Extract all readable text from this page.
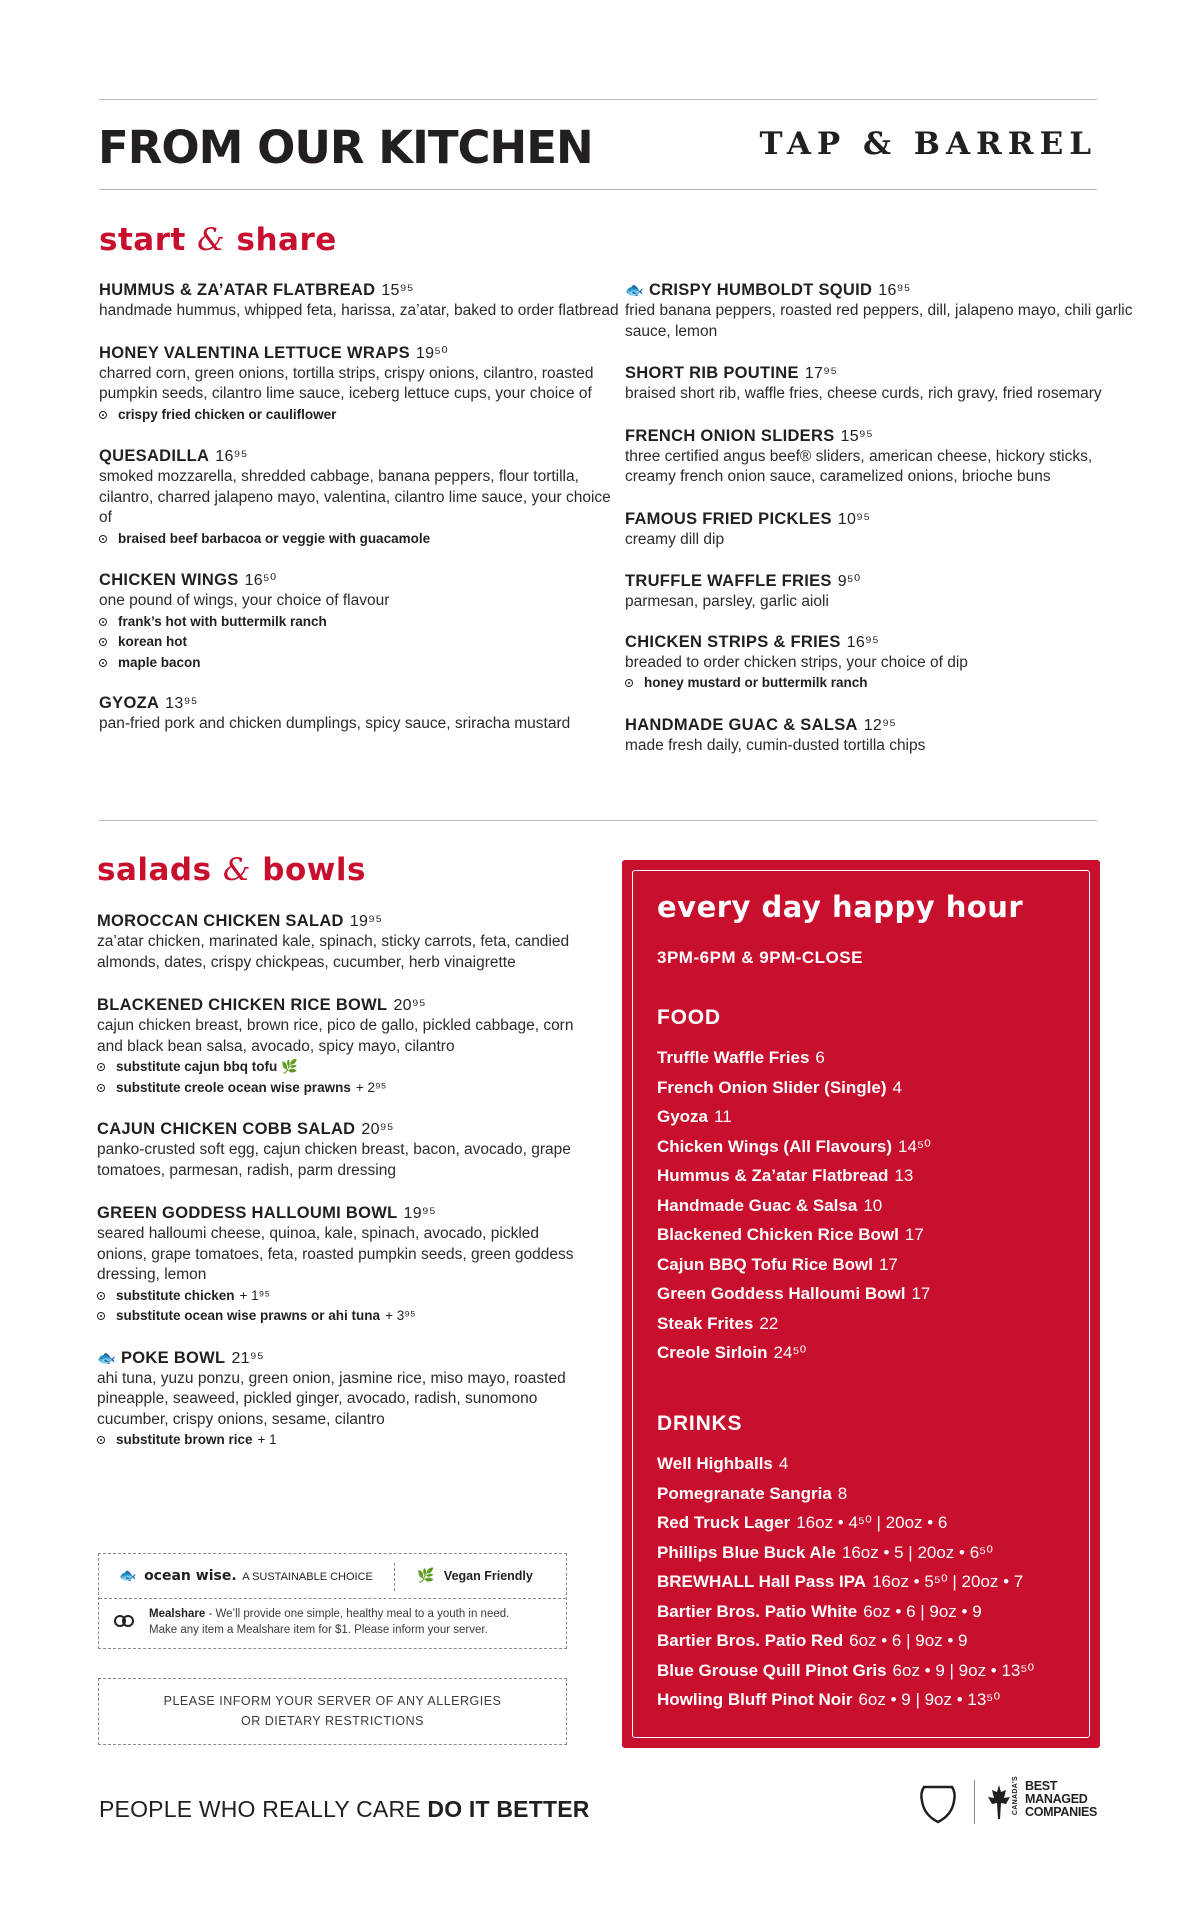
FROM OUR KITCHEN	TAP & BARREL
start & share
HUMMUS & ZA’ATAR FLATBREAD 15⁹⁵
handmade hummus, whipped feta, harissa, za’atar, baked to order flatbread
HONEY VALENTINA LETTUCE WRAPS 19⁵⁰
charred corn, green onions, tortilla strips, crispy onions, cilantro, roasted pumpkin seeds, cilantro lime sauce, iceberg lettuce cups, your choice of
crispy fried chicken or cauliflower
QUESADILLA 16⁹⁵
smoked mozzarella, shredded cabbage, banana peppers, flour tortilla, cilantro, charred jalapeno mayo, valentina, cilantro lime sauce, your choice of
braised beef barbacoa or veggie with guacamole
CHICKEN WINGS 16⁵⁰
one pound of wings, your choice of flavour
frank’s hot with buttermilk ranch
korean hot
maple bacon
GYOZA 13⁹⁵
pan-fried pork and chicken dumplings, spicy sauce, sriracha mustard
🐟 CRISPY HUMBOLDT SQUID 16⁹⁵
fried banana peppers, roasted red peppers, dill, jalapeno mayo, chili garlic sauce, lemon
SHORT RIB POUTINE 17⁹⁵
braised short rib, waffle fries, cheese curds, rich gravy, fried rosemary
FRENCH ONION SLIDERS 15⁹⁵
three certified angus beef® sliders, american cheese, hickory sticks, creamy french onion sauce, caramelized onions, brioche buns
FAMOUS FRIED PICKLES 10⁹⁵
creamy dill dip
TRUFFLE WAFFLE FRIES 9⁵⁰
parmesan, parsley, garlic aioli
CHICKEN STRIPS & FRIES 16⁹⁵
breaded to order chicken strips, your choice of dip
honey mustard or buttermilk ranch
HANDMADE GUAC & SALSA 12⁹⁵
made fresh daily, cumin-dusted tortilla chips
salads & bowls
MOROCCAN CHICKEN SALAD 19⁹⁵
za’atar chicken, marinated kale, spinach, sticky carrots, feta, candied almonds, dates, crispy chickpeas, cucumber, herb vinaigrette
BLACKENED CHICKEN RICE BOWL 20⁹⁵
cajun chicken breast, brown rice, pico de gallo, pickled cabbage, corn and black bean salsa, avocado, spicy mayo, cilantro
substitute cajun bbq tofu 🌿
substitute creole ocean wise prawns + 2⁹⁵
CAJUN CHICKEN COBB SALAD 20⁹⁵
panko-crusted soft egg, cajun chicken breast, bacon, avocado, grape tomatoes, parmesan, radish, parm dressing
GREEN GODDESS HALLOUMI BOWL 19⁹⁵
seared halloumi cheese, quinoa, kale, spinach, avocado, pickled onions, grape tomatoes, feta, roasted pumpkin seeds, green goddess dressing, lemon
substitute chicken + 1⁹⁵
substitute ocean wise prawns or ahi tuna + 3⁹⁵
🐟 POKE BOWL 21⁹⁵
ahi tuna, yuzu ponzu, green onion, jasmine rice, miso mayo, roasted pineapple, seaweed, pickled ginger, avocado, radish, sunomono cucumber, crispy onions, sesame, cilantro
substitute brown rice + 1
every day happy hour
3PM-6PM & 9PM-CLOSE
FOOD
Truffle Waffle Fries 6
French Onion Slider (Single) 4
Gyoza 11
Chicken Wings (All Flavours) 14⁵⁰
Hummus & Za’atar Flatbread 13
Handmade Guac & Salsa 10
Blackened Chicken Rice Bowl 17
Cajun BBQ Tofu Rice Bowl 17
Green Goddess Halloumi Bowl 17
Steak Frites 22
Creole Sirloin 24⁵⁰
DRINKS
Well Highballs 4
Pomegranate Sangria 8
Red Truck Lager 16oz • 4⁵⁰ | 20oz • 6
Phillips Blue Buck Ale 16oz • 5 | 20oz • 6⁵⁰
BREWHALL Hall Pass IPA 16oz • 5⁵⁰ | 20oz • 7
Bartier Bros. Patio White 6oz • 6 | 9oz • 9
Bartier Bros. Patio Red 6oz • 6 | 9oz • 9
Blue Grouse Quill Pinot Gris 6oz • 9 | 9oz • 13⁵⁰
Howling Bluff Pinot Noir 6oz • 9 | 9oz • 13⁵⁰
🐟 ocean wise. A SUSTAINABLE CHOICE	🌿 Vegan Friendly
Mealshare - We’ll provide one simple, healthy meal to a youth in need.
Make any item a Mealshare item for $1. Please inform your server.
PLEASE INFORM YOUR SERVER OF ANY ALLERGIES
OR DIETARY RESTRICTIONS
PEOPLE WHO REALLY CARE DO IT BETTER	CANADA'S BEST
MANAGED
COMPANIES
